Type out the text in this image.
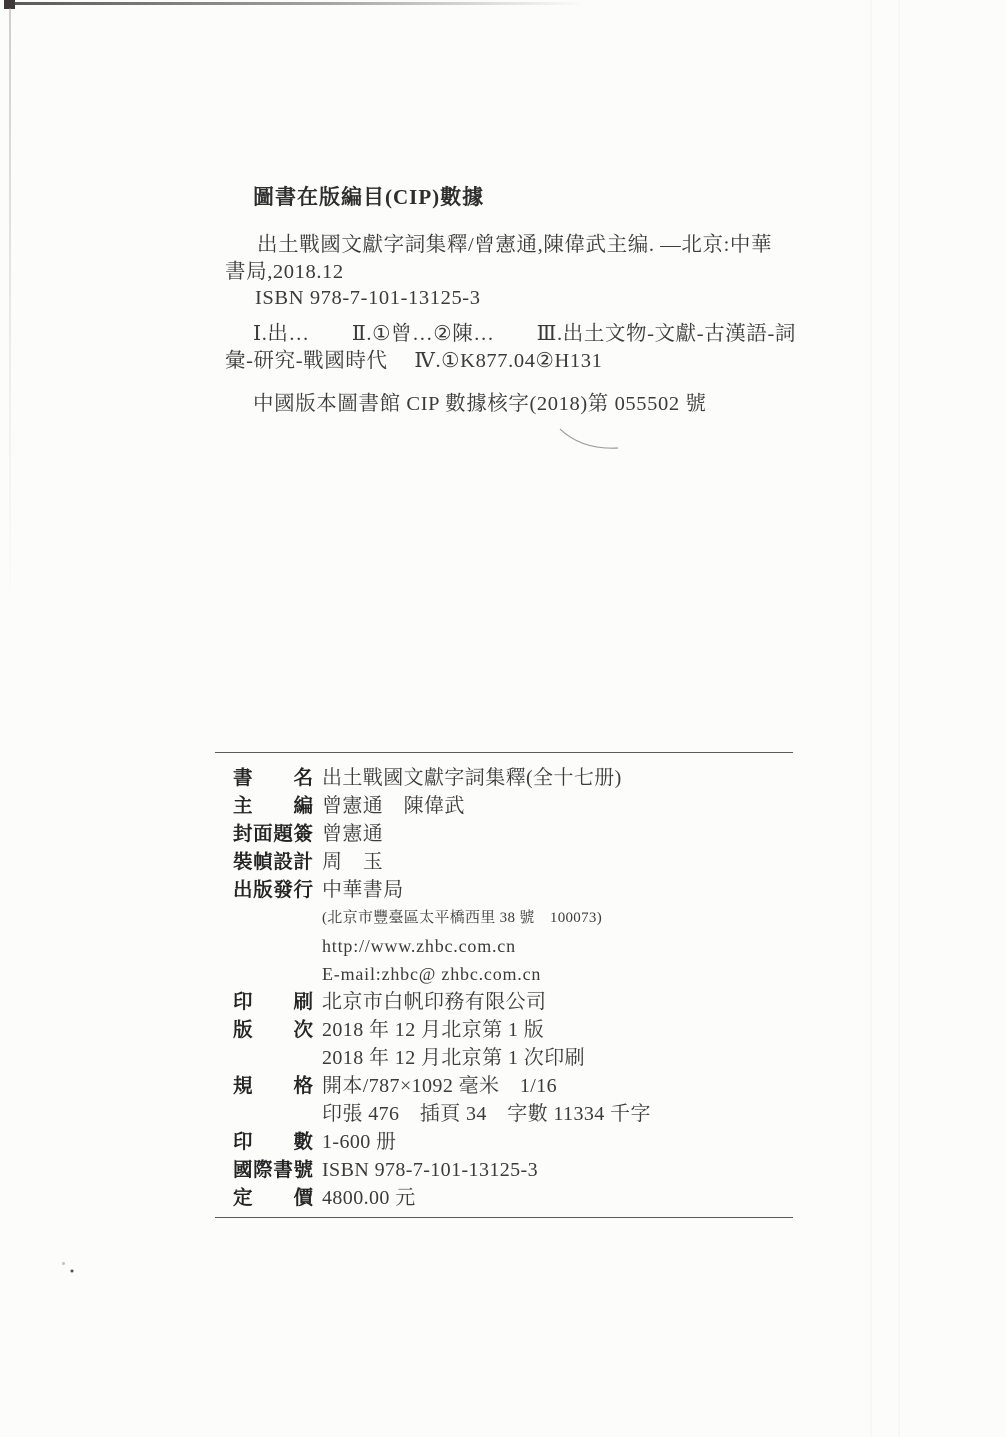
圖書在版編目(CIP)數據
出土戰國文獻字詞集釋/曾憲通,陳偉武主编. —北京:中華
書局,2018.12
ISBN 978-7-101-13125-3
Ⅰ.出…　　Ⅱ.①曾…②陳…　　Ⅲ.出土文物-文獻-古漢語-詞
彙-研究-戰國時代　 Ⅳ.①K877.04②H131
中國版本圖書館 CIP 數據核字(2018)第 055502 號
書名 出土戰國文獻字詞集釋(全十七册)
主編 曾憲通　陳偉武
封面題簽 曾憲通
裝幀設計 周　玉
出版發行 中華書局
(北京市豐臺區太平橋西里 38 號　100073)
http://www.zhbc.com.cn
E-mail:zhbc@ zhbc.com.cn
印刷 北京市白帆印務有限公司
版次 2018 年 12 月北京第 1 版
2018 年 12 月北京第 1 次印刷
規格 開本/787×1092 毫米　1/16
印張 476　插頁 34　字數 11334 千字
印數 1-600 册
國際書號 ISBN 978-7-101-13125-3
定價 4800.00 元
